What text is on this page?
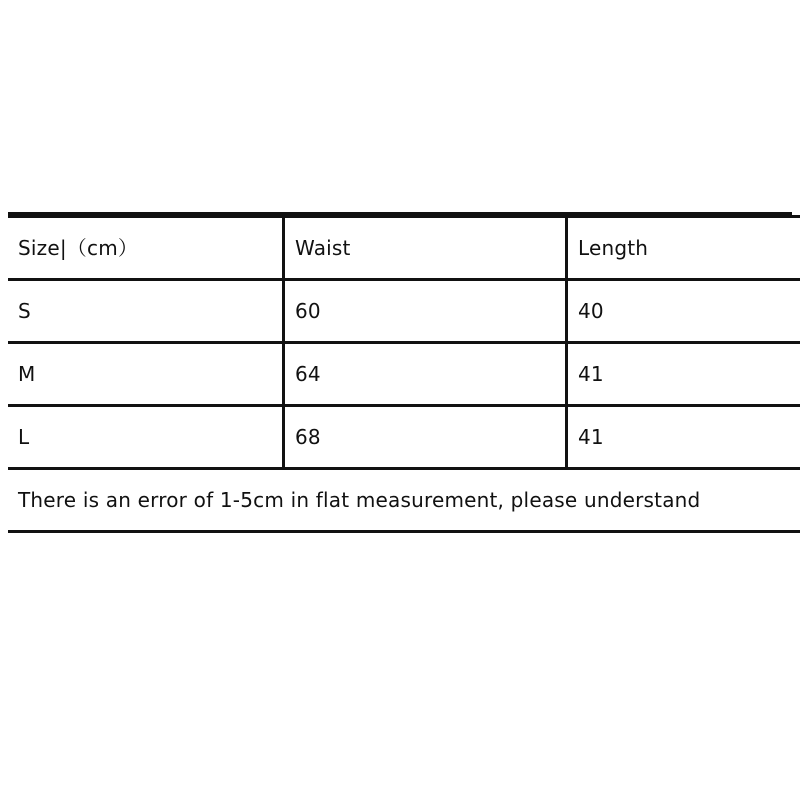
Size|（cm）	Waist	Length
S	60	40
M	64	41
L	68	41
There is an error of 1-5cm in flat measurement, please understand		
